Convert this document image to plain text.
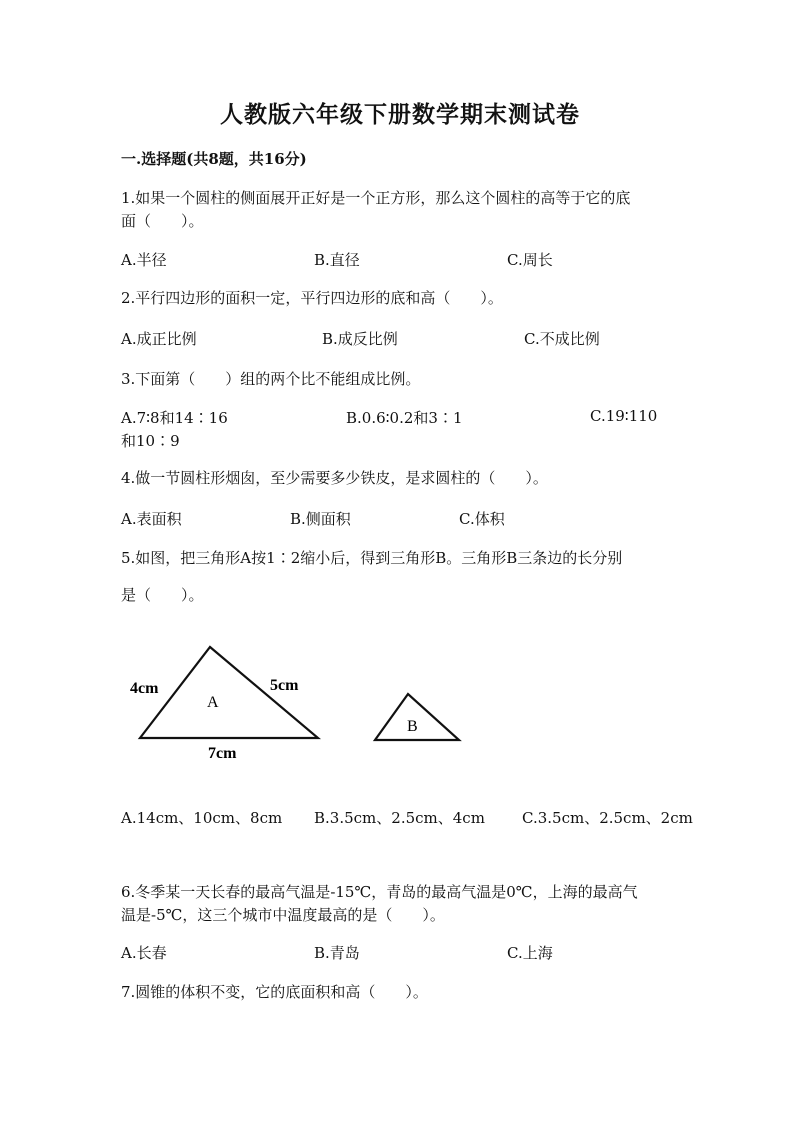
人教版六年级下册数学期末测试卷
一.选择题(共8题，共16分)
1.如果一个圆柱的侧面展开正好是一个正方形，那么这个圆柱的高等于它的底
面（　　）。
A.半径	B.直径	C.周长
2.平行四边形的面积一定，平行四边形的底和高（　　）。
A.成正比例	B.成反比例	C.不成比例
3.下面第（　　）组的两个比不能组成比例。
A.7∶8和14∶16	B.0.6∶0.2和3∶1	C.19∶110
和10∶9
4.做一节圆柱形烟囱，至少需要多少铁皮，是求圆柱的（　　）。
A.表面积	B.侧面积	C.体积
5.如图，把三角形A按1∶2缩小后，得到三角形B。三角形B三条边的长分别
是（　　）。
4cm	5cm
7cm
A
B
A.14cm、10cm、8cm B.3.5cm、2.5cm、4cm C.3.5cm、2.5cm、2cm
6.冬季某一天长春的最高气温是-15℃，青岛的最高气温是0℃，上海的最高气
温是-5℃，这三个城市中温度最高的是（　　）。
A.长春	B.青岛	C.上海
7.圆锥的体积不变，它的底面积和高（　　）。
